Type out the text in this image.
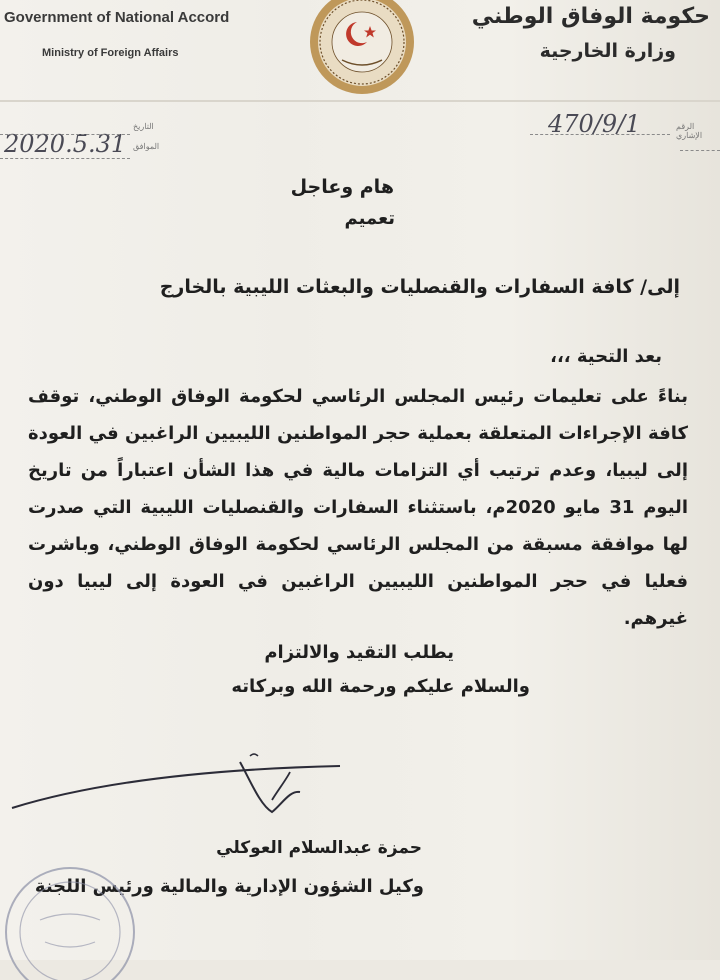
Government of National Accord
Ministry of Foreign Affairs
حكومة الوفاق الوطني
وزارة الخارجية
2020.5.31
التاريخ
الموافق
470/9/1	الرقم الإشاري
هام وعاجل
تعميم
إلى/ كافة السفارات والقنصليات والبعثات الليبية بالخارج
بعد التحية ،،،
بناءً على تعليمات رئيس المجلس الرئاسي لحكومة الوفاق الوطني، توقف كافة الإجراءات المتعلقة بعملية حجر المواطنين الليبيين الراغبين في العودة إلى ليبيا، وعدم ترتيب أي التزامات مالية في هذا الشأن اعتباراً من تاريخ اليوم 31 مايو 2020م، باستثناء السفارات والقنصليات الليبية التي صدرت لها موافقة مسبقة من المجلس الرئاسي لحكومة الوفاق الوطني، وباشرت فعليا في حجر المواطنين الليبيين الراغبين في العودة إلى ليبيا دون غيرهم.
يطلب التقيد والالتزام
والسلام عليكم ورحمة الله وبركاته
حمزة عبدالسلام العوكلي
وكيل الشؤون الإدارية والمالية ورئيس اللجنة
